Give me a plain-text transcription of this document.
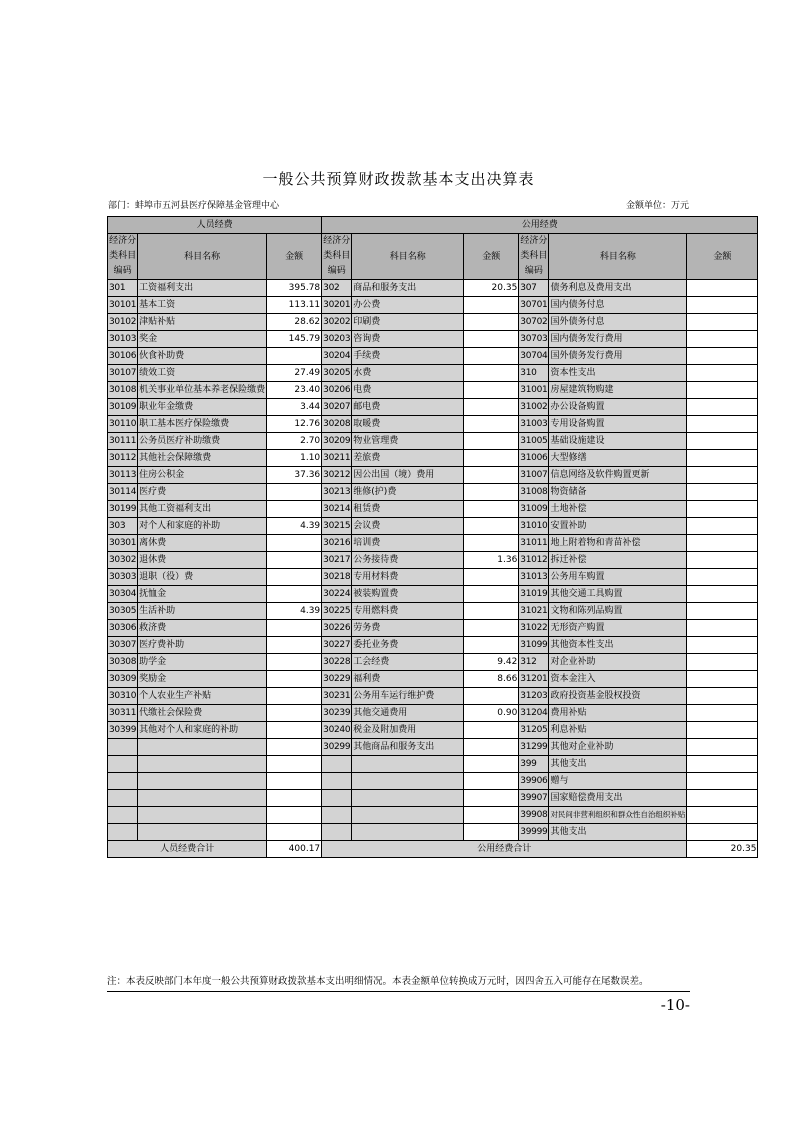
一般公共预算财政拨款基本支出决算表
部门：蚌埠市五河县医疗保障基金管理中心	金额单位：万元
人员经费			公用经费					
经济分类科目编码	科目名称	金额	经济分类科目编码	科目名称	金额	经济分类科目编码	科目名称	金额
301	工资福利支出	395.78	302	商品和服务支出	20.35	307	债务利息及费用支出	
30101	基本工资	113.11	30201	办公费		30701	国内债务付息	
30102	津贴补贴	28.62	30202	印刷费		30702	国外债务付息	
30103	奖金	145.79	30203	咨询费		30703	国内债务发行费用	
30106	伙食补助费		30204	手续费		30704	国外债务发行费用	
30107	绩效工资	27.49	30205	水费		310	资本性支出	
30108	机关事业单位基本养老保险缴费	23.40	30206	电费		31001	房屋建筑物购建	
30109	职业年金缴费	3.44	30207	邮电费		31002	办公设备购置	
30110	职工基本医疗保险缴费	12.76	30208	取暖费		31003	专用设备购置	
30111	公务员医疗补助缴费	2.70	30209	物业管理费		31005	基础设施建设	
30112	其他社会保障缴费	1.10	30211	差旅费		31006	大型修缮	
30113	住房公积金	37.36	30212	因公出国（境）费用		31007	信息网络及软件购置更新	
30114	医疗费		30213	维修(护)费		31008	物资储备	
30199	其他工资福利支出		30214	租赁费		31009	土地补偿	
303	对个人和家庭的补助	4.39	30215	会议费		31010	安置补助	
30301	离休费		30216	培训费		31011	地上附着物和青苗补偿	
30302	退休费		30217	公务接待费	1.36	31012	拆迁补偿	
30303	退职（役）费		30218	专用材料费		31013	公务用车购置	
30304	抚恤金		30224	被装购置费		31019	其他交通工具购置	
30305	生活补助	4.39	30225	专用燃料费		31021	文物和陈列品购置	
30306	救济费		30226	劳务费		31022	无形资产购置	
30307	医疗费补助		30227	委托业务费		31099	其他资本性支出	
30308	助学金		30228	工会经费	9.42	312	对企业补助	
30309	奖励金		30229	福利费	8.66	31201	资本金注入	
30310	个人农业生产补贴		30231	公务用车运行维护费		31203	政府投资基金股权投资	
30311	代缴社会保险费		30239	其他交通费用	0.90	31204	费用补贴	
30399	其他对个人和家庭的补助		30240	税金及附加费用		31205	利息补贴	
			30299	其他商品和服务支出		31299	其他对企业补助	
						399	其他支出	
						39906	赠与	
						39907	国家赔偿费用支出	
						39908	对民间非营利组织和群众性自治组织补贴	
						39999	其他支出	
人员经费合计		400.17	公用经费合计					20.35
注：本表反映部门本年度一般公共预算财政拨款基本支出明细情况。本表金额单位转换成万元时，因四舍五入可能存在尾数误差。
-10-
